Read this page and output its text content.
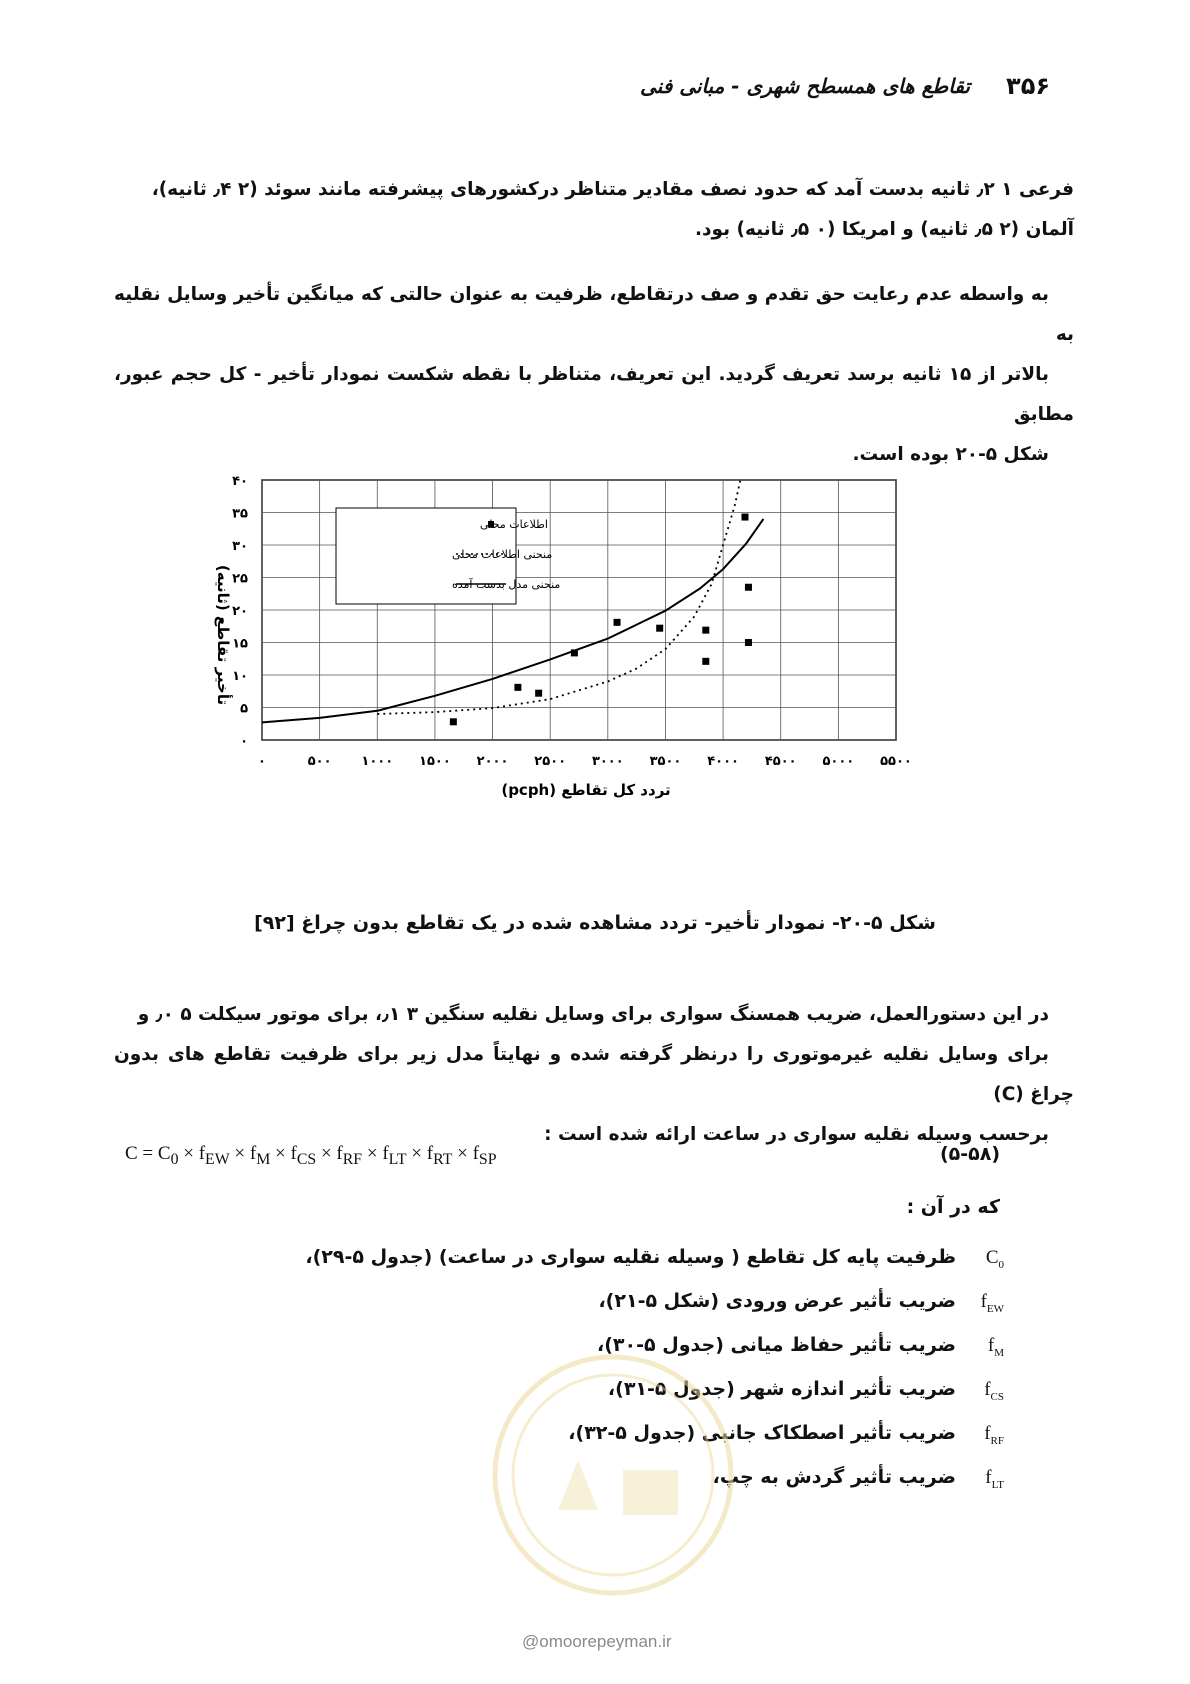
۳۵۶
تقاطع های همسطح شهری - مبانی فنی
فرعی ۱ ٫۲ ثانیه بدست آمد که حدود نصف مقادیر متناظر درکشورهای پیشرفته مانند سوئد (۲ ٫۴ ثانیه)،
آلمان (۲ ٫۵ ثانیه) و امریکا (۰ ٫۵ ثانیه) بود.
به واسطه عدم رعایت حق تقدم و صف درتقاطع، ظرفیت به عنوان حالتی که میانگین تأخیر وسایل نقلیه به
بالاتر از ۱۵ ثانیه برسد تعریف گردید. این تعریف، متناظر با نقطه شکست نمودار تأخیر - کل حجم عبور، مطابق
شکل ۵-۲۰ بوده است.
۰	۵۰۰ ۱۰۰۰ ۱۵۰۰ ۲۰۰۰ ۲۵۰۰ ۳۰۰۰ ۳۵۰۰ ۴۰۰۰ ۴۵۰۰ ۵۰۰۰ ۵۵۰۰
۰
۵
۱۰
۱۵
۲۰
۲۵
۳۰
۳۵
۴۰
اطلاعات محلی
منحنی اطلاعات محلی
منحنی مدل بدست آمده
تردد کل تقاطع (pcph)
تأخیر تقاطع (ثانیه)
شکل ۵-۲۰- نمودار تأخیر- تردد مشاهده شده در یک تقاطع بدون چراغ [۹۲]
در این دستورالعمل، ضریب همسنگ سواری برای وسایل نقلیه سنگین ۳ ٫۱، برای موتور سیکلت ۵ ٫۰ و
برای وسایل نقلیه غیرموتوری را درنظر گرفته شده و نهایتاً مدل زیر برای ظرفیت تقاطع های بدون چراغ (C)
برحسب وسیله نقلیه سواری در ساعت ارائه شده است :
$C = C_0 \times f_{EW} \times f_M \times f_{CS} \times f_{RF} \times f_{LT} \times f_{RT} \times f_{SP}$	(۵-۵۸)
که در آن :
$C_0ظرفیت$ پایه کل تقاطع ( وسیله نقلیه سواری در ساعت) (جدول ۵-۲۹)،
$f_{EW}ضریب$ تأثیر عرض ورودی (شکل ۵-۲۱)،
$f_Mضریب$ تأثیر حفاظ میانی (جدول ۵-۳۰)،
$f_{CS}ضریب$ تأثیر اندازه شهر (جدول ۵-۳۱)،
$f_{RF}ضریب$ تأثیر اصطکاک جانبی (جدول ۵-۳۲)،
$f_{LT}ضریب$ تأثیر گردش به چپ،
@omoorepeyman.ir
